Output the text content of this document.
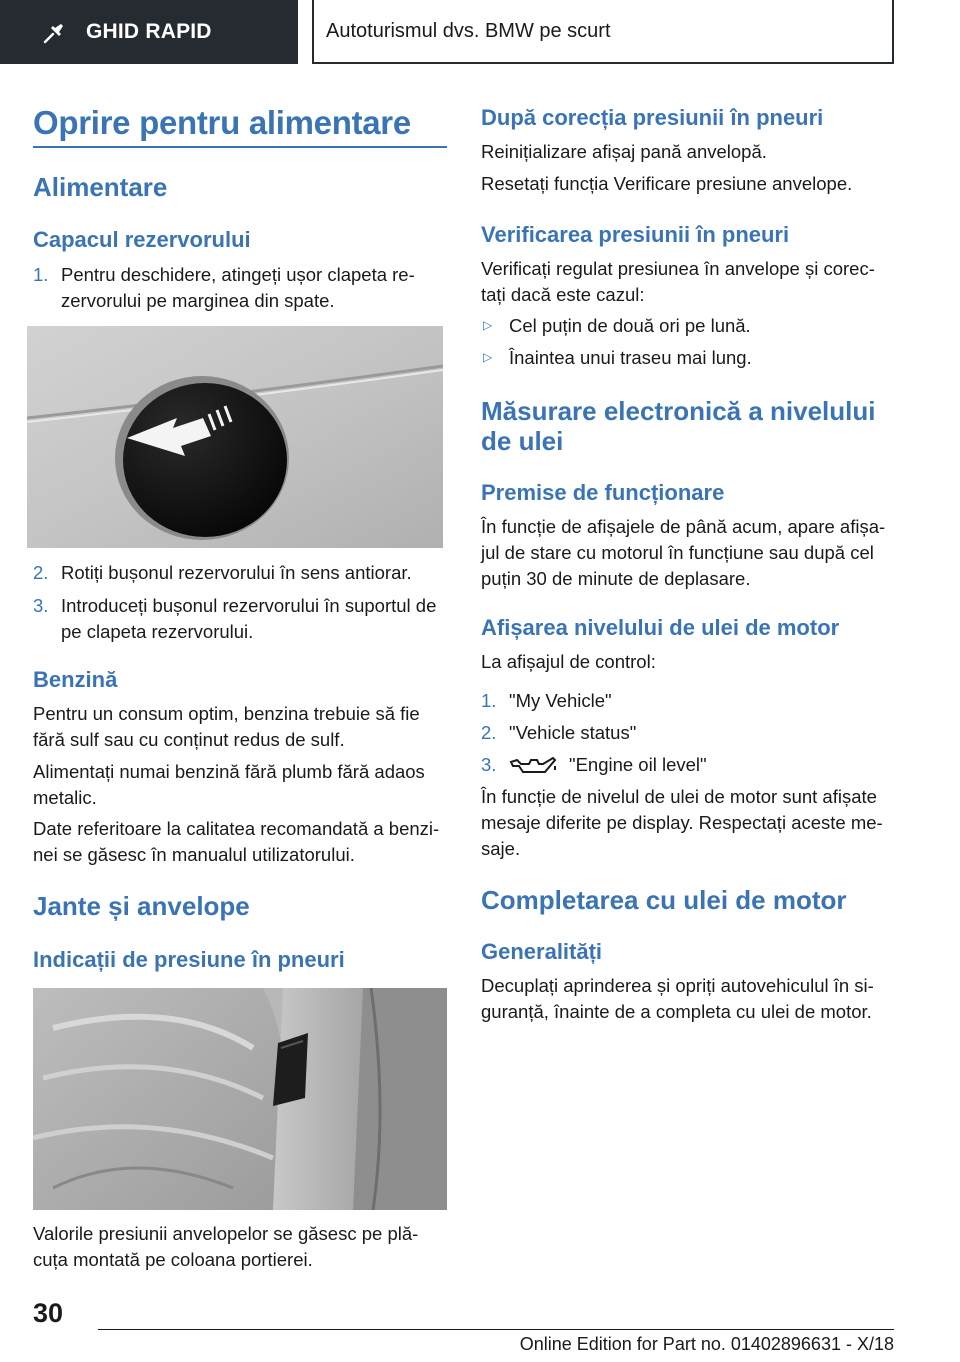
GHID RAPID	Autoturismul dvs. BMW pe scurt
Oprire pentru alimentare
Alimentare
Capacul rezervorului
1. Pentru deschidere, atingeți ușor clapeta re‐
zervorului pe marginea din spate.
2. Rotiți bușonul rezervorului în sens antiorar.
3. Introduceți bușonul rezervorului în suportul de
pe clapeta rezervorului.
Benzină
Pentru un consum optim, benzina trebuie să fie
fără sulf sau cu conținut redus de sulf.
Alimentați numai benzină fără plumb fără adaos
metalic.
Date referitoare la calitatea recomandată a benzi‐
nei se găsesc în manualul utilizatorului.
Jante și anvelope
Indicații de presiune în pneuri
Valorile presiunii anvelopelor se găsesc pe plă‐
cuța montată pe coloana portierei.
După corecția presiunii în pneuri
Reinițializare afișaj pană anvelopă.
Resetați funcția Verificare presiune anvelope.
Verificarea presiunii în pneuri
Verificați regulat presiunea în anvelope și corec‐
tați dacă este cazul:
▷ Cel puțin de două ori pe lună.
▷ Înaintea unui traseu mai lung.
Măsurare electronică a nivelului
de ulei
Premise de funcționare
În funcție de afișajele de până acum, apare afișa‐
jul de stare cu motorul în funcțiune sau după cel
puțin 30 de minute de deplasare.
Afișarea nivelului de ulei de motor
La afișajul de control:
1. "My Vehicle"
2. "Vehicle status"
3.	"Engine oil level"
În funcție de nivelul de ulei de motor sunt afișate
mesaje diferite pe display. Respectați aceste me‐
saje.
Completarea cu ulei de motor
Generalități
Decuplați aprinderea și opriți autovehiculul în si‐
guranță, înainte de a completa cu ulei de motor.
30
Online Edition for Part no. 01402896631 - X/18
